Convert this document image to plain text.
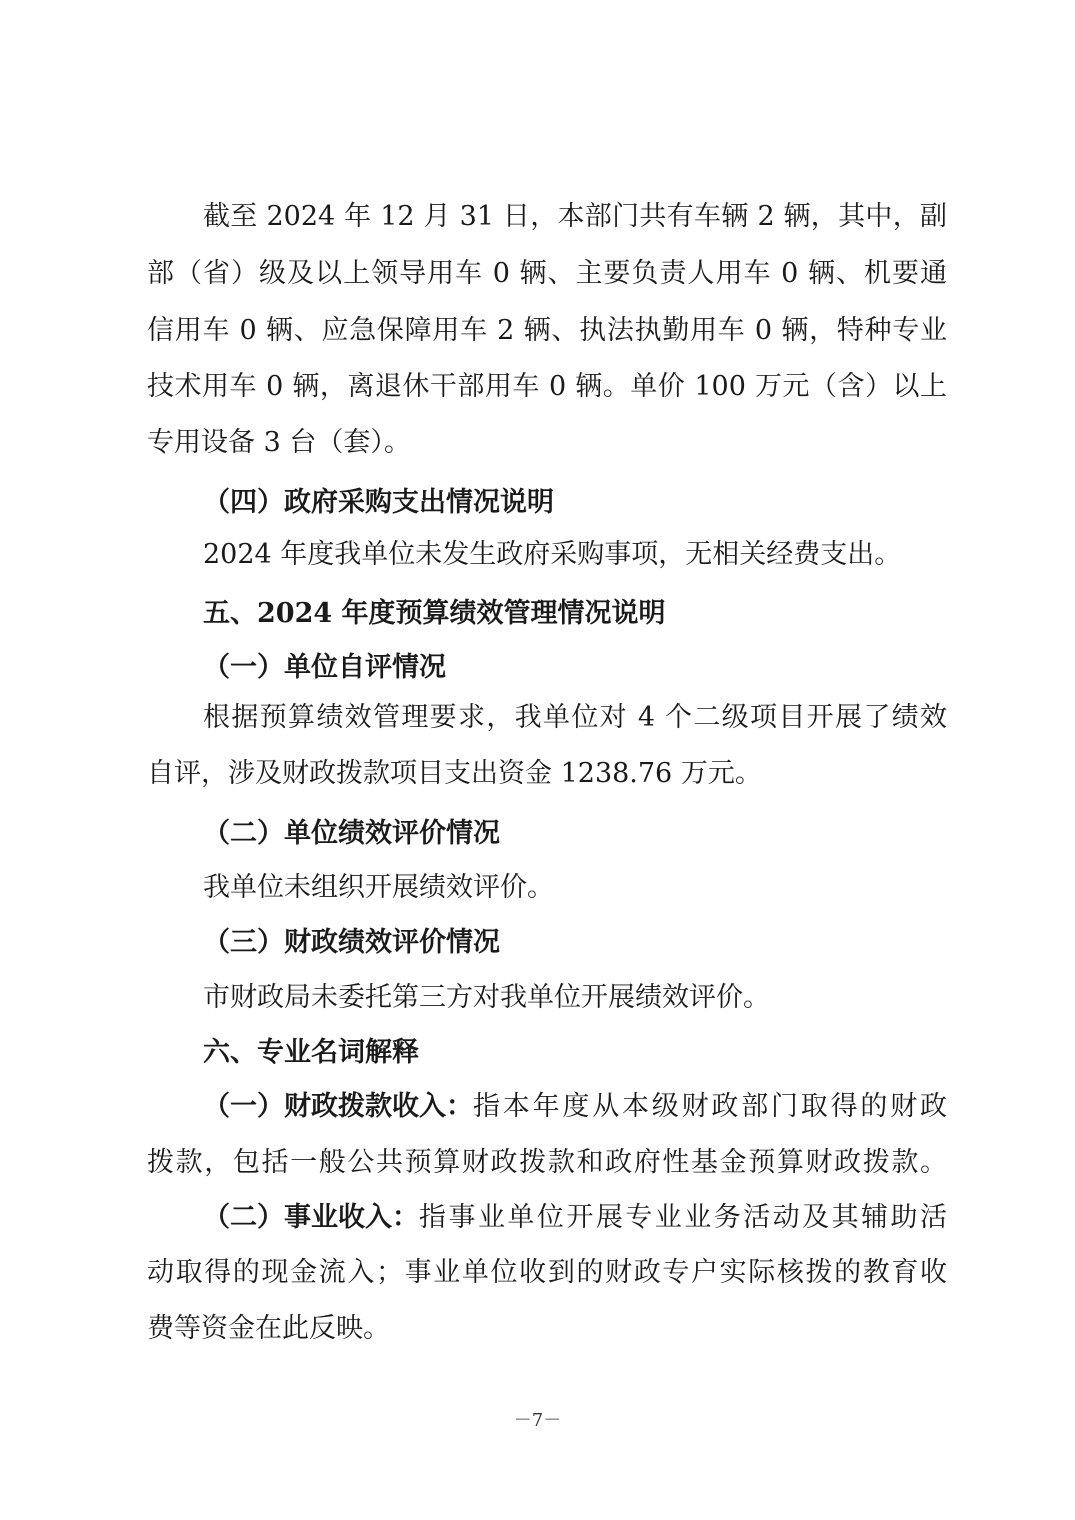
截至 2024 年 12 月 31 日，本部门共有车辆 2 辆，其中，副
部（省）级及以上领导用车 0 辆、主要负责人用车 0 辆、机要通
信用车 0 辆、应急保障用车 2 辆、执法执勤用车 0 辆，特种专业
技术用车 0 辆，离退休干部用车 0 辆。单价 100 万元（含）以上
专用设备 3 台（套）。
（四）政府采购支出情况说明
2024 年度我单位未发生政府采购事项，无相关经费支出。
五、2024 年度预算绩效管理情况说明
（一）单位自评情况
根据预算绩效管理要求，我单位对 4 个二级项目开展了绩效
自评，涉及财政拨款项目支出资金 1238.76 万元。
（二）单位绩效评价情况
我单位未组织开展绩效评价。
（三）财政绩效评价情况
市财政局未委托第三方对我单位开展绩效评价。
六、专业名词解释
（一）财政拨款收入： 指本年度从本级财政部门取得的财政
拨款，包括一般公共预算财政拨款和政府性基金预算财政拨款。
（二）事业收入： 指事业单位开展专业业务活动及其辅助活
动取得的现金流入；事业单位收到的财政专户实际核拨的教育收
费等资金在此反映。
－7－
